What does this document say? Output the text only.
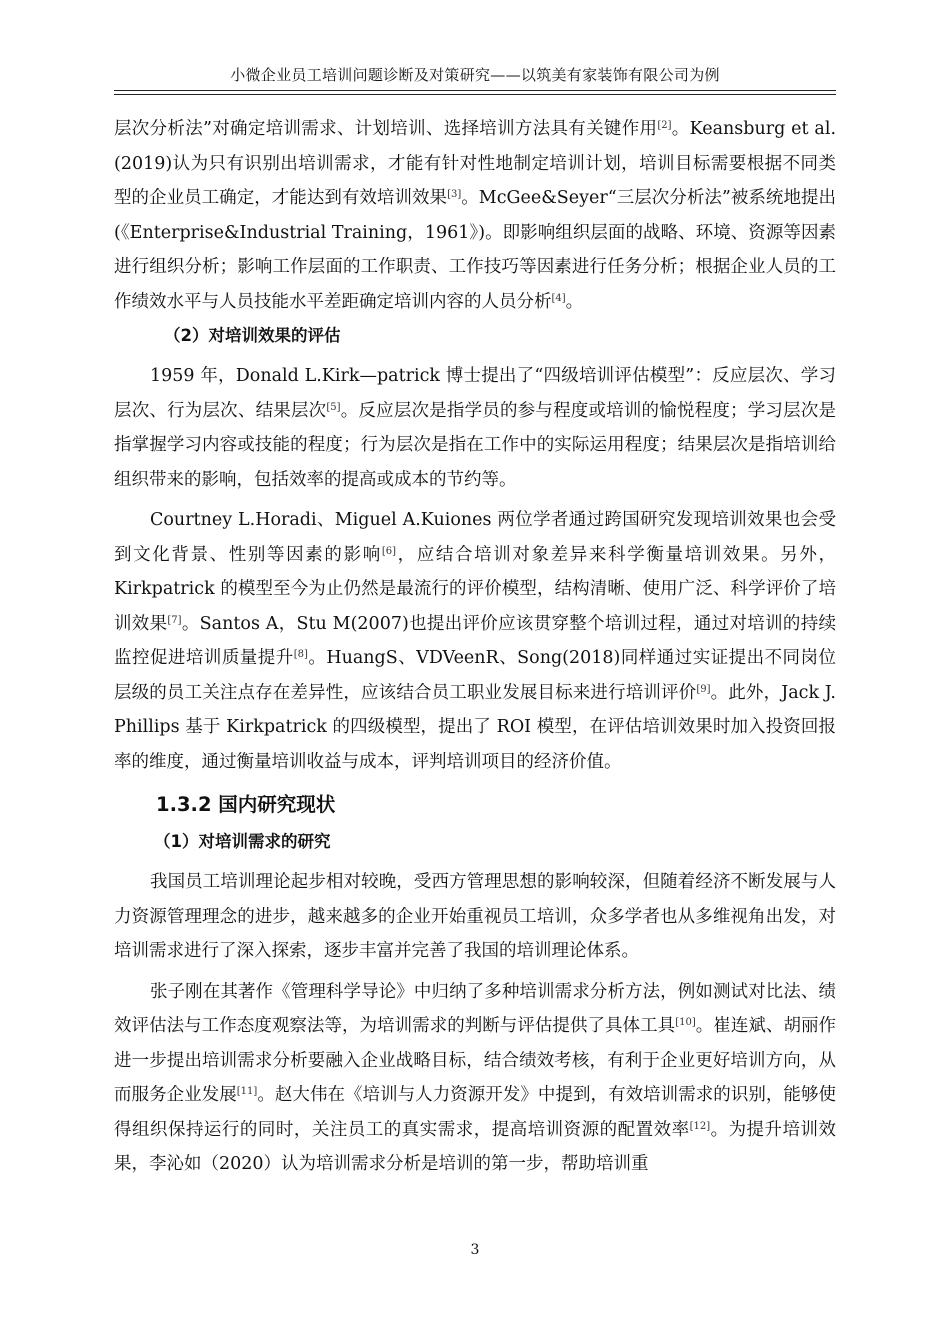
小微企业员工培训问题诊断及对策研究——以筑美有家装饰有限公司为例

层次分析法”对确定培训需求、计划培训、选择培训方法具有关键作用[2]。Keansburg et al.(2019)认为只有识别出培训需求，才能有针对性地制定培训计划，培训目标需要根据不同类型的企业员工确定，才能达到有效培训效果[3]。McGee&Seyer“三层次分析法”被系统地提出(《Enterprise&Industrial Training，1961》)。即影响组织层面的战略、环境、资源等因素进行组织分析；影响工作层面的工作职责、工作技巧等因素进行任务分析；根据企业人员的工作绩效水平与人员技能水平差距确定培训内容的人员分析[4]。

（2）对培训效果的评估

1959 年，Donald L.Kirk—patrick 博士提出了“四级培训评估模型”：反应层次、学习层次、行为层次、结果层次[5]。反应层次是指学员的参与程度或培训的愉悦程度；学习层次是指掌握学习内容或技能的程度；行为层次是指在工作中的实际运用程度；结果层次是指培训给组织带来的影响，包括效率的提高或成本的节约等。

Courtney L.Horadi、Miguel A.Kuiones 两位学者通过跨国研究发现培训效果也会受到文化背景、性别等因素的影响[6]，应结合培训对象差异来科学衡量培训效果。另外，Kirkpatrick 的模型至今为止仍然是最流行的评价模型，结构清晰、使用广泛、科学评价了培训效果[7]。Santos A，Stu M(2007)也提出评价应该贯穿整个培训过程，通过对培训的持续监控促进培训质量提升[8]。HuangS、VDVeenR、Song(2018)同样通过实证提出不同岗位层级的员工关注点存在差异性，应该结合员工职业发展目标来进行培训评价[9]。此外，Jack J. Phillips 基于 Kirkpatrick 的四级模型，提出了 ROI 模型，在评估培训效果时加入投资回报率的维度，通过衡量培训收益与成本，评判培训项目的经济价值。

1.3.2 国内研究现状
（1）对培训需求的研究

我国员工培训理论起步相对较晚，受西方管理思想的影响较深，但随着经济不断发展与人力资源管理理念的进步，越来越多的企业开始重视员工培训，众多学者也从多维视角出发，对培训需求进行了深入探索，逐步丰富并完善了我国的培训理论体系。

张子刚在其著作《管理科学导论》中归纳了多种培训需求分析方法，例如测试对比法、绩效评估法与工作态度观察法等，为培训需求的判断与评估提供了具体工具[10]。崔连斌、胡丽作进一步提出培训需求分析要融入企业战略目标，结合绩效考核，有利于企业更好培训方向，从而服务企业发展[11]。赵大伟在《培训与人力资源开发》中提到，有效培训需求的识别，能够使得组织保持运行的同时，关注员工的真实需求，提高培训资源的配置效率[12]。为提升培训效果，李沁如（2020）认为培训需求分析是培训的第一步，帮助培训重

3
